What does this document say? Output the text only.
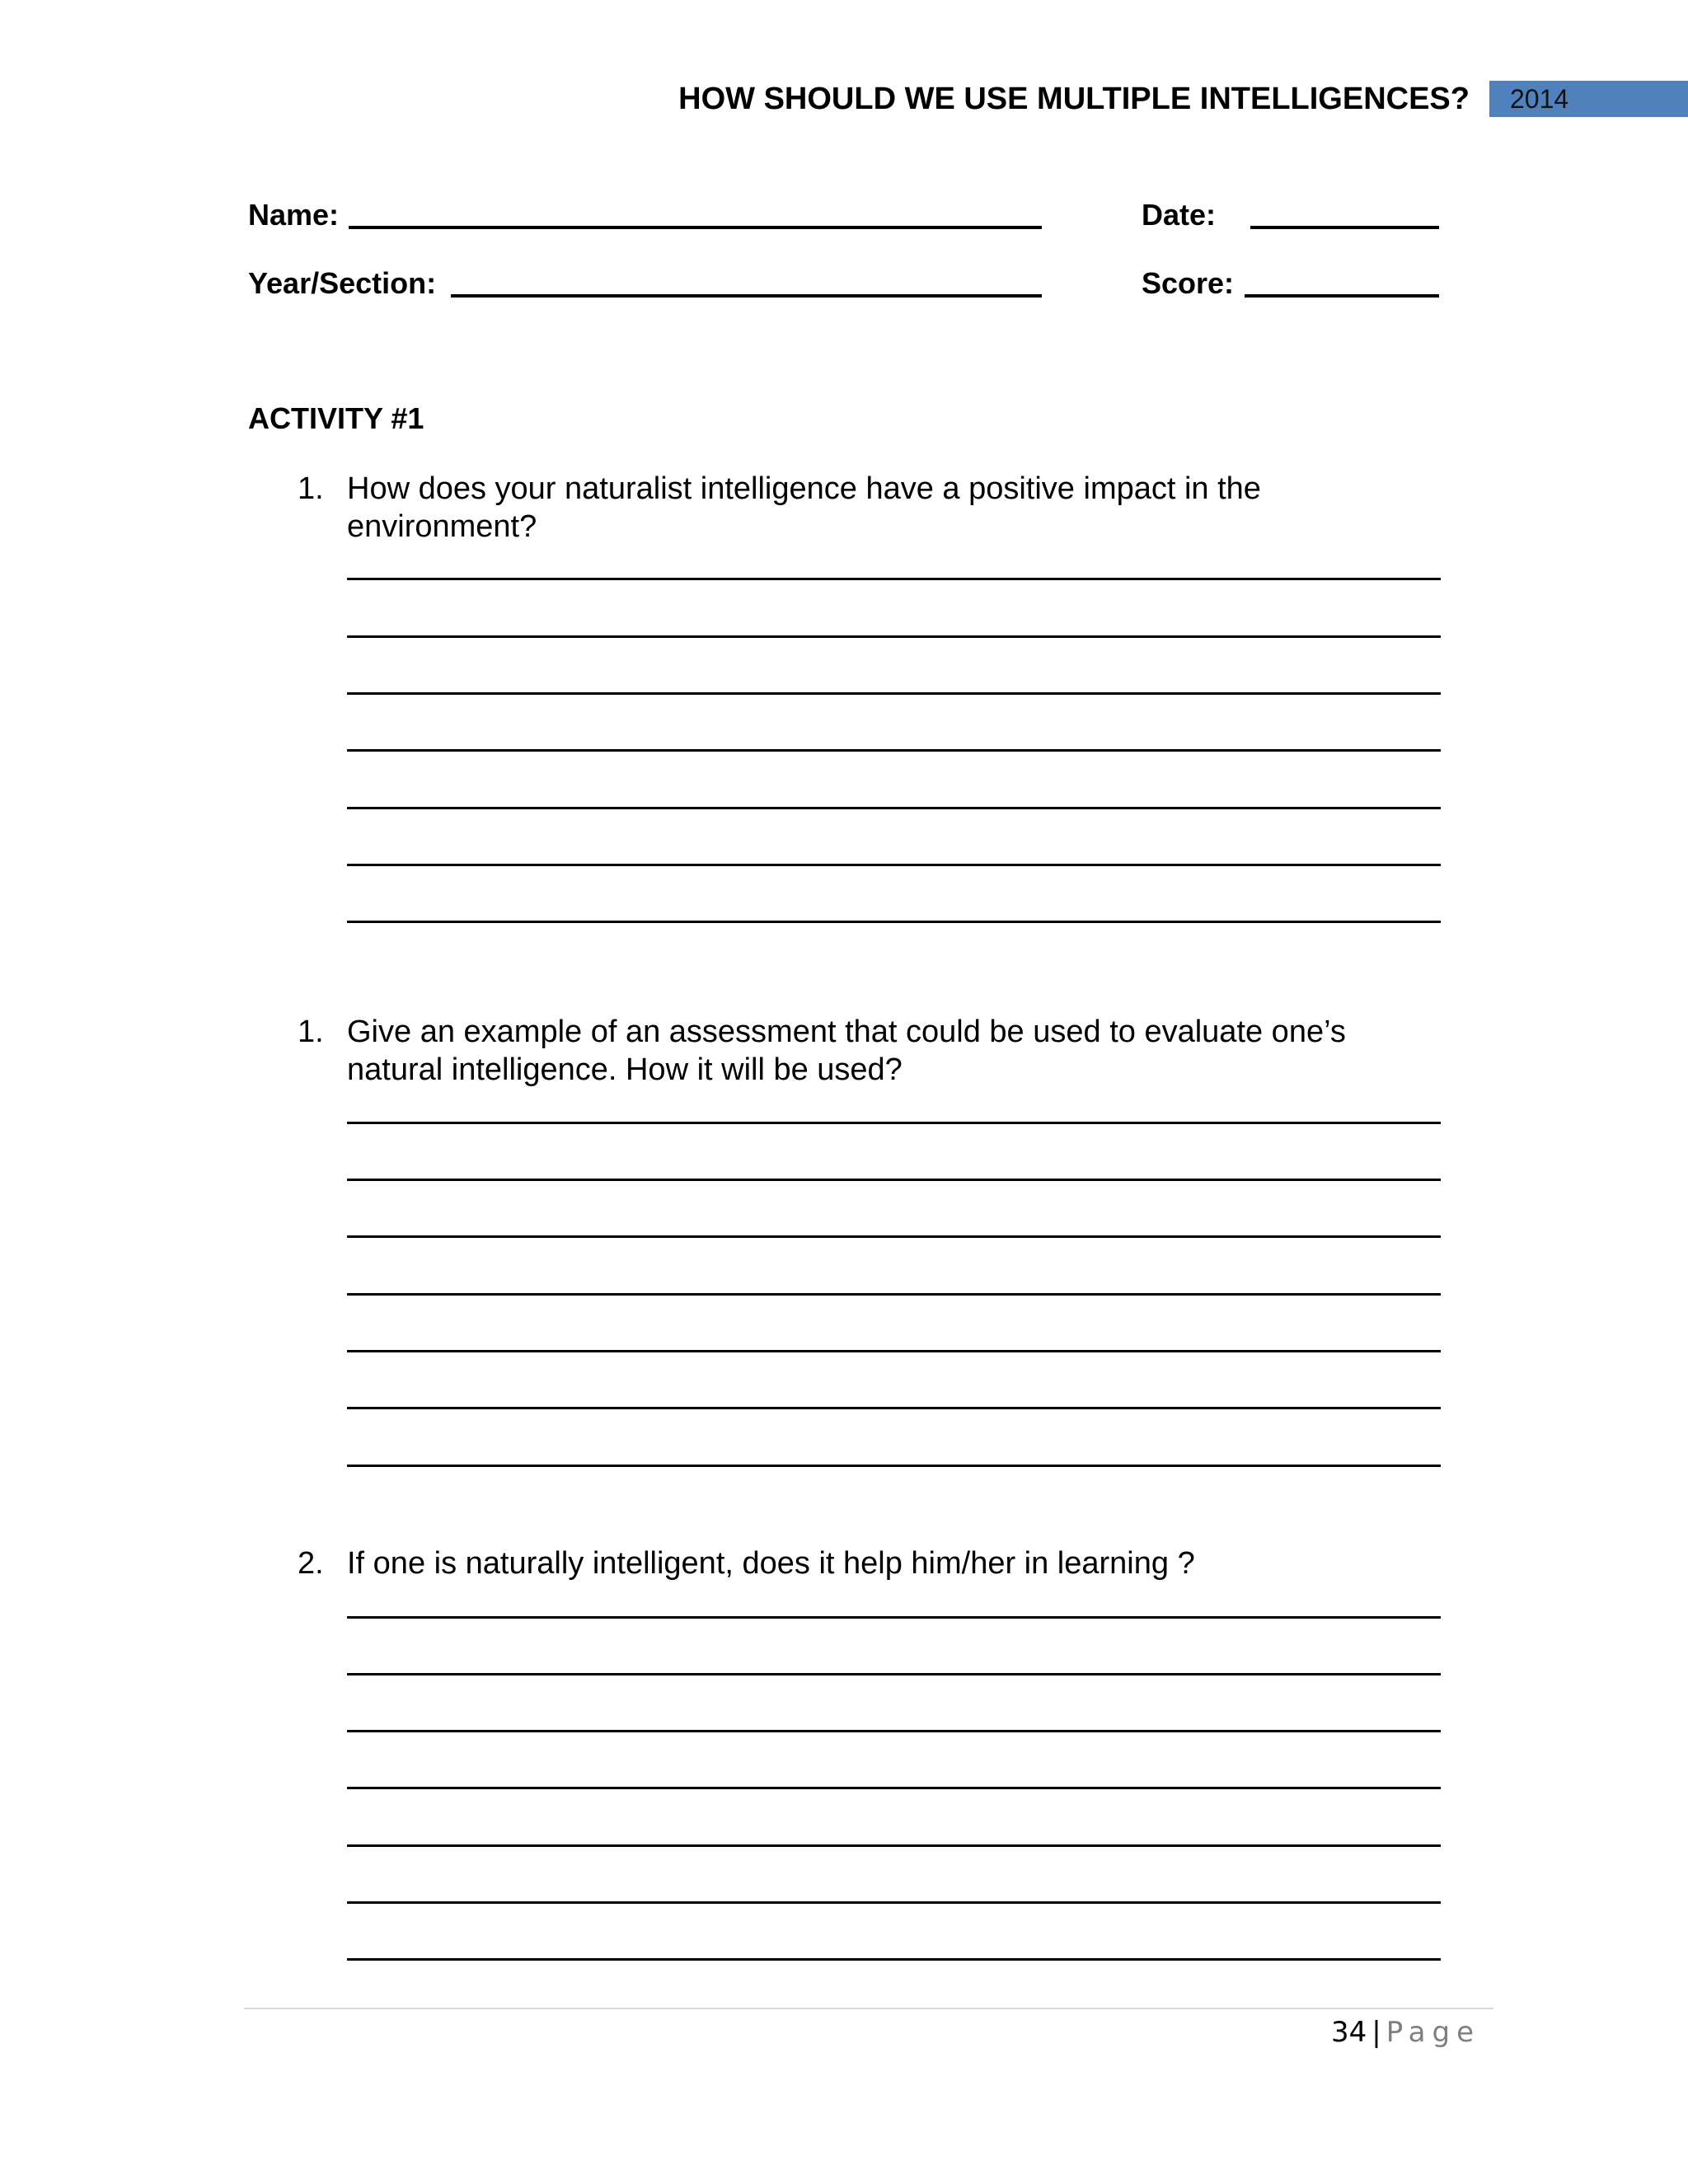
HOW SHOULD WE USE MULTIPLE INTELLIGENCES?	2014
Name:	Date:
Year/Section:	Score:
ACTIVITY #1
1. How does your naturalist intelligence have a positive impact in the environment?
1. Give an example of an assessment that could be used to evaluate one’s natural intelligence. How it will be used?
2. If one is naturally intelligent, does it help him/her in learning ?
34 | Page
